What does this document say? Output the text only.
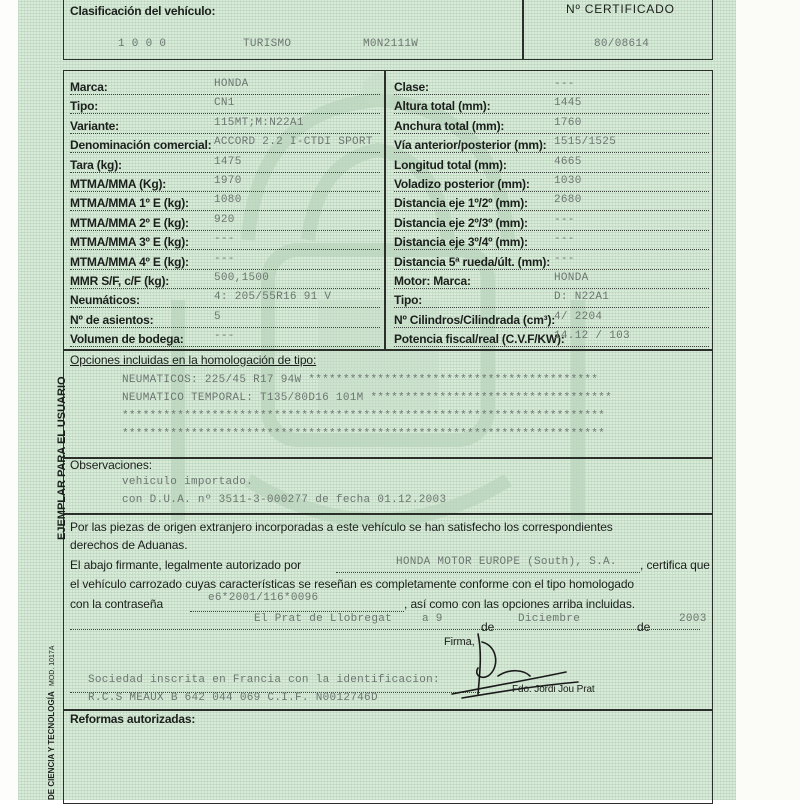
Clasificación del vehículo:
1 0 0 0	TURISMO	M0N2111W
Nº CERTIFICADO
80/08614
Marca:	HONDA
Tipo:	CN1
Variante:	115MT;M:N22A1
Denominación comercial: ACCORD 2.2 I-CTDI SPORT
Tara (kg):	1475
MTMA/MMA (Kg):	1970
MTMA/MMA 1º E (kg): 1080
MTMA/MMA 2º E (kg): 920
MTMA/MMA 3º E (kg): ---
MTMA/MMA 4º E (kg): ---
MMR S/F, c/F (kg):	500,1500
Neumáticos:	4: 205/55R16 91 V
Nº de asientos:	5
Volumen de bodega:	---
Clase:	---
Altura total (mm):	1445
Anchura total (mm):	1760
Vía anterior/posterior (mm): 1515/1525
Longitud total (mm):	4665
Voladizo posterior (mm): 1030
Distancia eje 1º/2º (mm): 2680
Distancia eje 2º/3º (mm): ---
Distancia eje 3º/4º (mm): ---
Distancia 5ª rueda/últ. (mm): ---
Motor: Marca:	HONDA
Tipo:	D: N22A1
Nº Cilindros/Cilindrada (cm³):
4/ 2204
Potencia fiscal/real (C.V.F/KW):
14.12 / 103
Opciones incluidas en la homologación de tipo:
NEUMATICOS: 225/45 R17 94W ******************************************
NEUMATICO TEMPORAL: T135/80D16 101M ***********************************
**********************************************************************
**********************************************************************
Observaciones:
vehiculo importado.
con D.U.A. nº 3511-3-000277 de fecha 01.12.2003
Por las piezas de origen extranjero incorporadas a este vehículo se han satisfecho los correspondientes
derechos de Aduanas.
El abajo firmante, legalmente autorizado por	HONDA MOTOR EUROPE (South), S.A. , certifica que
el vehículo carrozado cuyas características se reseñan es completamente conforme con el tipo homologado
con la contraseña	e6*2001/116*0096	, así como con las opciones arriba incluidas.
El Prat de Llobregat	a 9
de
Diciembre
de
2003
Firma,
Sociedad inscrita en Francia con la identificacion:
R.C.S MEAUX B 642 044 069 C.I.F. N0012746D
Fdo. Jordi Jou Prat
Reformas autorizadas:
EJEMPLAR PARA EL USUARIO
DE CIENCIA Y TECNOLOGÍA
MOD. 1017A
